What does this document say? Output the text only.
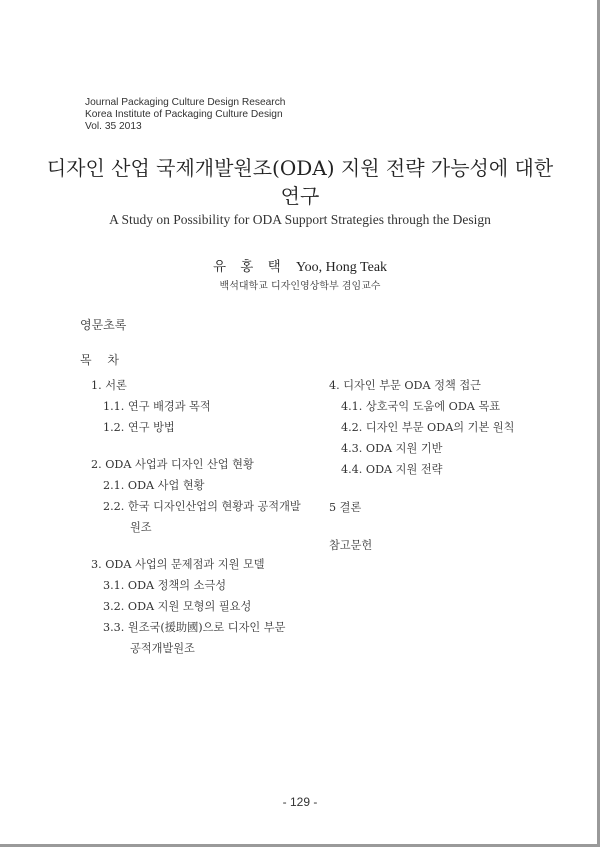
Journal Packaging Culture Design Research
Korea Institute of Packaging Culture Design
Vol. 35 2013
디자인 산업 국제개발원조(ODA) 지원 전략 가능성에 대한
연구
A Study on Possibility for ODA Support Strategies through the Design
유 홍 택 Yoo, Hong Teak
백석대학교 디자인영상학부 겸임교수
영문초록
목 차
1. 서론
1.1. 연구 배경과 목적
1.2. 연구 방법
2. ODA 사업과 디자인 산업 현황
2.1. ODA 사업 현황
2.2. 한국 디자인산업의 현황과 공적개발
원조
3. ODA 사업의 문제점과 지원 모델
3.1. ODA 정책의 소극성
3.2. ODA 지원 모형의 필요성
3.3. 원조국(援助國)으로 디자인 부문
공적개발원조
4. 디자인 부문 ODA 정책 접근
4.1. 상호국익 도움에 ODA 목표
4.2. 디자인 부문 ODA의 기본 원칙
4.3. ODA 지원 기반
4.4. ODA 지원 전략
5 결론
참고문헌
- 129 -
